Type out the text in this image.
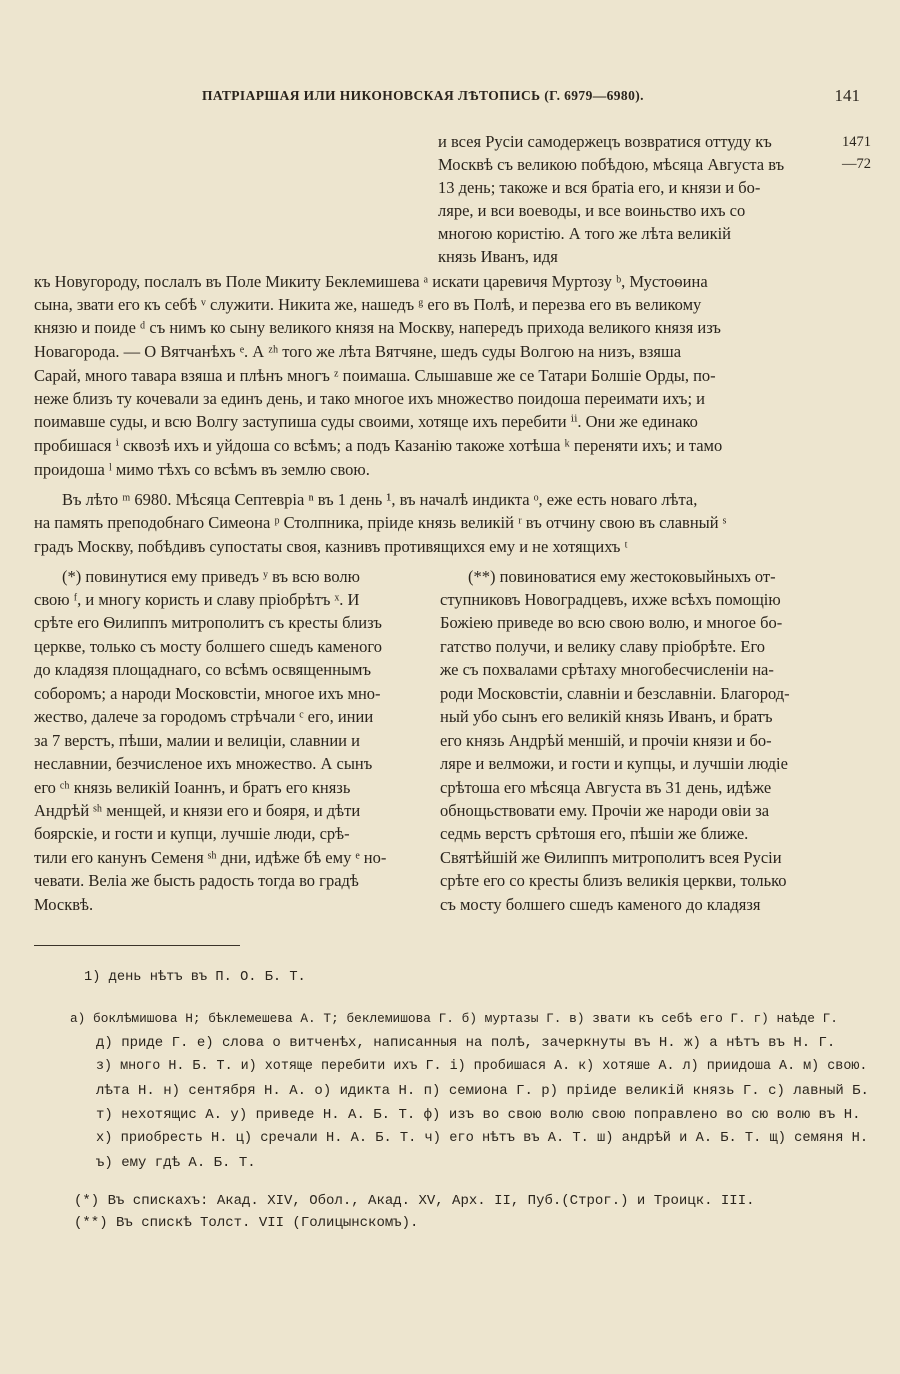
ПАТРІАРШАЯ ИЛИ НИКОНОВСКАЯ ЛѢТОПИСЬ (Г. 6979—6980).	141
1471
—72
и всея Русіи самодержецъ возвратися оттуду къ
Москвѣ съ великою побѣдою, мѣсяца Августа въ
13 день; такоже и вся братіа его, и князи и бо-
ляре, и вси воеводы, и все воиньство ихъ со
многою користію. А того же лѣта великій
князь Иванъ, идя
къ Новугороду, послалъ въ Поле Микиту Беклемишева ᵃ искати царевичя Муртозу ᵇ, Мустоѳина
сына, звати его къ себѣ ᵛ служити. Никита же, нашедъ ᵍ его въ Полѣ, и перезва его въ великому
князю и поиде ᵈ съ нимъ ко сыну великого князя на Москву, напередъ прихода великого князя изъ
Новагорода. — О Вятчанѣхъ ᵉ. А ᶻʰ того же лѣта Вятчяне, шедъ суды Волгою на низъ, взяша
Сарай, много тавара взяша и плѣнъ многъ ᶻ поимаша. Слышавше же се Татари Болшіе Орды, по-
неже близъ ту кочевали за единъ день, и тако многое ихъ множество поидоша переимати ихъ; и
поимавше суды, и всю Волгу заступиша суды своими, хотяще ихъ перебити ⁱⁱ. Они же единако
пробишася ⁱ сквозѣ ихъ и уйдоша со всѣмъ; а подъ Казанію такоже хотѣша ᵏ переняти ихъ; и тамо
проидоша ˡ мимо тѣхъ со всѣмъ въ землю свою.
Въ лѣто ᵐ 6980. Мѣсяца Септевріа ⁿ въ 1 день ¹, въ началѣ индикта ᵒ, еже есть новаго лѣта,
на память преподобнаго Симеона ᵖ Столпника, пріиде князь великій ʳ въ отчину свою въ славный ˢ
градъ Москву, побѣдивъ супостаты своя, казнивъ противящихся ему и не хотящихъ ᵗ
(*) повинутися ему приведъ ʸ въ всю волю
свою ᶠ, и многу користь и славу пріобрѣтъ ˣ. И
срѣте его Ѳилиппъ митрополитъ съ кресты близъ
церкве, только съ мосту болшего сшедъ каменого
до кладязя площаднаго, со всѣмъ освященнымъ
соборомъ; а народи Московстіи, многое ихъ мно-
жество, далече за городомъ стрѣчали ᶜ его, инии
за 7 верстъ, пѣши, малии и велиціи, славнии и
неславнии, безчисленое ихъ множество. А сынъ
его ᶜʰ князь великій Іоаннъ, и братъ его князь
Андрѣй ˢʰ менщей, и князи его и бояря, и дѣти
боярскіе, и гости и купци, лучшіе люди, срѣ-
тили его канунъ Семеня ˢʰ дни, идѣже бѣ ему ᵉ но-
чевати. Веліа же бысть радость тогда во градѣ
Москвѣ.
(**) повиноватися ему жестоковыйныхъ от-
ступниковъ Новоградцевъ, ихже всѣхъ помощію
Божіею приведе во всю свою волю, и многое бо-
гатство получи, и велику славу пріобрѣте. Его
же съ похвалами срѣтаху многобесчисленіи на-
роди Московстіи, славніи и безславніи. Благород-
ный убо сынъ его великій князь Иванъ, и братъ
его князь Андрѣй меншій, и прочіи князи и бо-
ляре и велможи, и гости и купцы, и лучшіи людіе
срѣтоша его мѣсяца Августа въ 31 день, идѣже
обнощьствовати ему. Прочіи же народи овіи за
седмь верстъ срѣтошя его, пѣшіи же ближе.
Святѣйшій же Ѳилиппъ митрополитъ всея Русіи
срѣте его со кресты близъ великія церкви, только
съ мосту болшего сшедъ каменого до кладязя
1) день нѣтъ въ П. О. Б. Т.
а) боклѣмишова Н; бѣклемешева А. Т; беклемишова Г. б) муртазы Г. в) звати къ себѣ его Г. г) наѣде Г.
д) приде Г. е) слова о витченѣх, написанныя на полѣ, зачеркнуты въ Н. ж) а нѣтъ въ Н. Г.
з) много Н. Б. Т. и) хотяще перебити ихъ Г. і) пробишася А. к) хотяше А. л) приидоша А. м) свою.
лѣта Н. н) сентября Н. А. о) идикта Н. п) семиона Г. р) пріиде великій князь Г. с) лавный Б.
т) нехотящис А. у) приведе Н. А. Б. Т. ф) изъ во свою волю свою поправлено во сю волю въ Н.
х) приобресть Н. ц) сречали Н. А. Б. Т. ч) его нѣтъ въ А. Т. ш) андрѣй и А. Б. Т. щ) семяня Н.
ъ) ему гдѣ А. Б. Т.
(*) Въ спискахъ: Акад. XIV, Обол., Акад. XV, Арх. II, Пуб.(Строг.) и Троицк. III.
(**) Въ спискѣ Толст. VII (Голицынскомъ).
